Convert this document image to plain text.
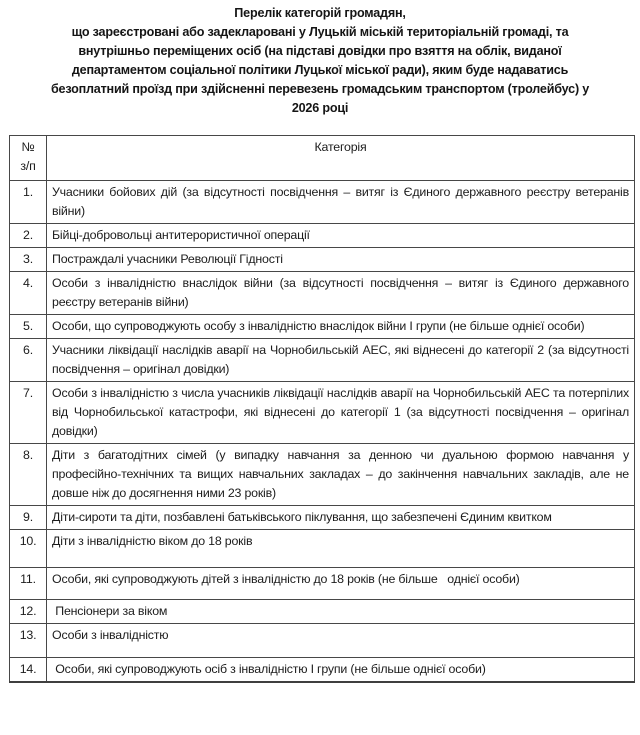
Перелік категорій громадян,
що зареєстровані або задекларовані у Луцькій міській територіальній громаді, та
внутрішньо переміщених осіб (на підставі довідки про взяття на облік, виданої
департаментом соціальної політики Луцької міської ради), яким буде надаватись
безоплатний проїзд при здійсненні перевезень громадським транспортом (тролейбус) у
2026 році
№
з/п	Категорія
1.	Учасники бойових дій (за відсутності посвідчення – витяг із Єдиного державного реєстру ветеранів війни)
2.	Бійці-добровольці антитерористичної операції
3.	Постраждалі учасники Революції Гідності
4.	Особи з інвалідністю внаслідок війни (за відсутності посвідчення – витяг із Єдиного державного реєстру ветеранів війни)
5.	Особи, що супроводжують особу з інвалідністю внаслідок війни І групи (не більше однієї особи)
6.	Учасники ліквідації наслідків аварії на Чорнобильській АЕС, які віднесені до категорії 2 (за відсутності посвідчення – оригінал довідки)
7.	Особи з інвалідністю з числа учасників ліквідації наслідків аварії на Чорнобильській АЕС та потерпілих від Чорнобильської катастрофи, які віднесені до категорії 1 (за відсутності посвідчення – оригінал довідки)
8.	Діти з багатодітних сімей (у випадку навчання за денною чи дуальною формою навчання у професійно-технічних та вищих навчальних закладах – до закінчення навчальних закладів, але не довше ніж до досягнення ними 23 років)
9.	Діти-сироти та діти, позбавлені батьківського піклування, що забезпечені Єдиним квитком
10.	Діти з інвалідністю віком до 18 років
11.	Особи, які супроводжують дітей з інвалідністю до 18 років (не більше   однієї особи)
12.	Пенсіонери за віком
13.	Особи з інвалідністю
14.	Особи, які супроводжують осіб з інвалідністю І групи (не більше однієї особи)
